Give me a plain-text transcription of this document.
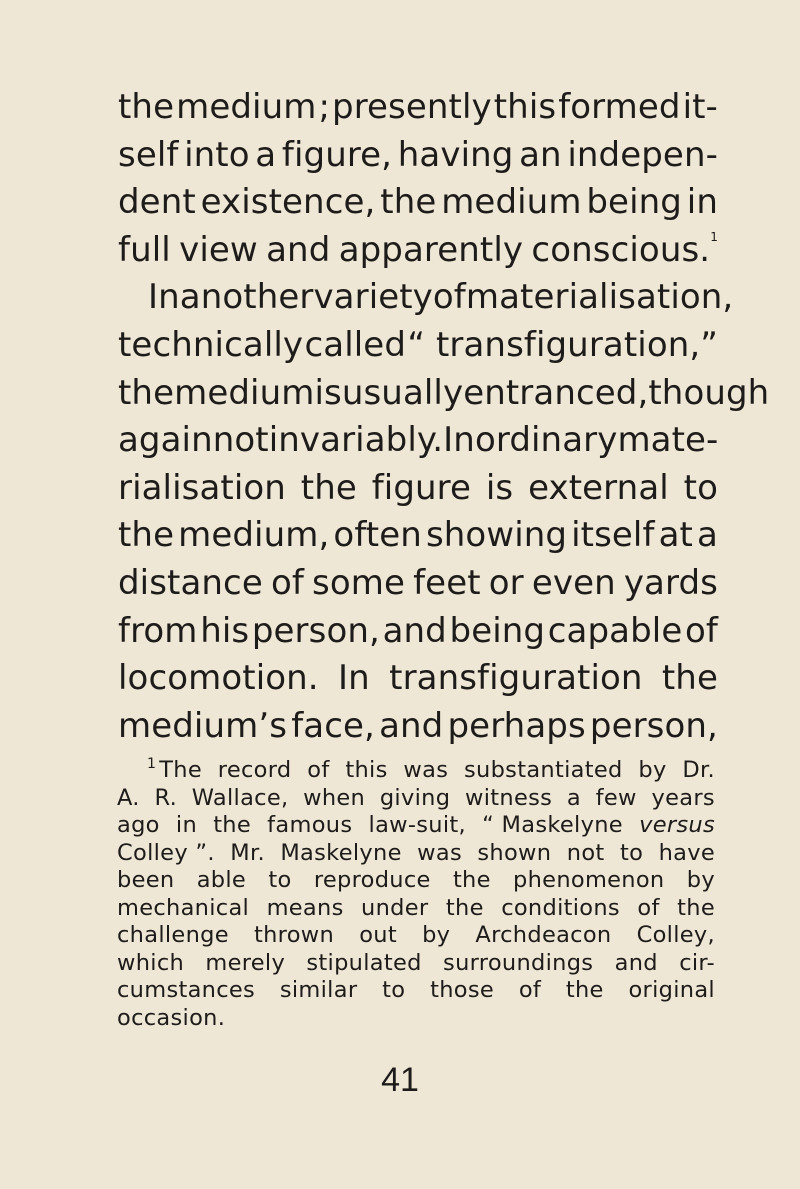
the medium ; presently this formed it-
self into a figure, having an indepen-
dent existence, the medium being in
full view and apparently conscious.$^1$
In another variety of materialisation,
technically called “ transfiguration,”
the medium is usually entranced, though
again not invariably. In ordinary mate-
rialisation the figure is external to
the medium, often showing itself at a
distance of some feet or even yards
from his person, and being capable of
locomotion. In transfiguration the
medium’s face, and perhaps person,
$^1$ The record of this was substantiated by Dr.
A. R. Wallace, when giving witness a few years
ago in the famous law-suit, “ Maskelyne versus
Colley ”. Mr. Maskelyne was shown not to have
been able to reproduce the phenomenon by
mechanical means under the conditions of the
challenge thrown out by Archdeacon Colley,
which merely stipulated surroundings and cir-
cumstances similar to those of the original
occasion.
41
